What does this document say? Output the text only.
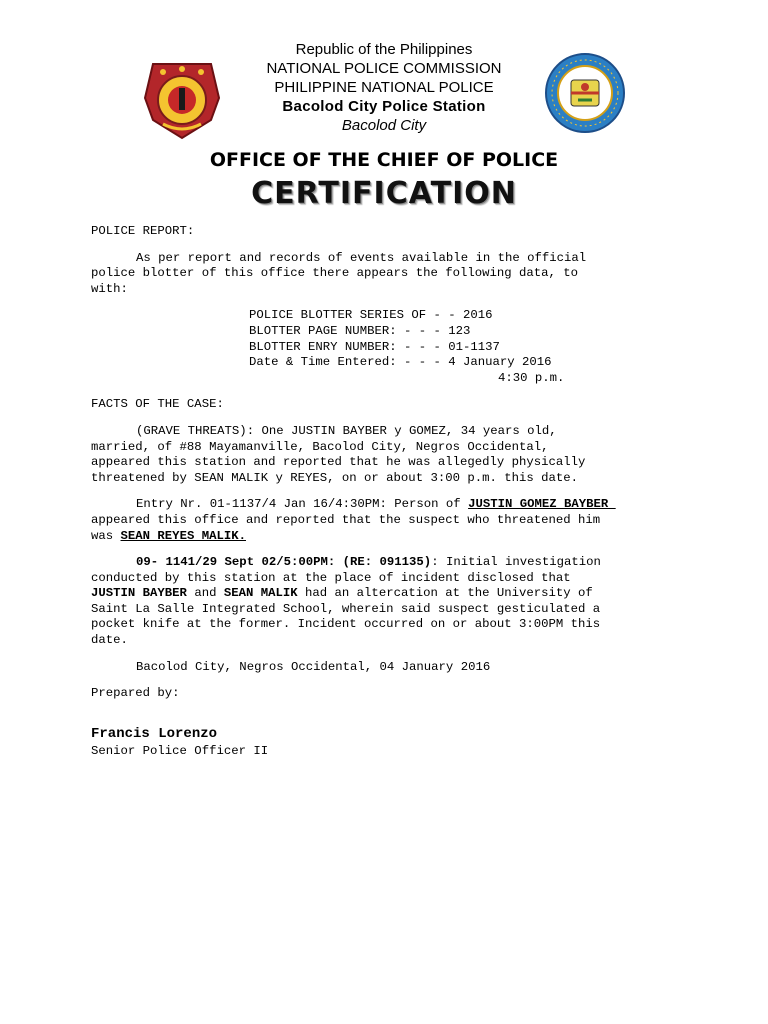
Republic of the Philippines
NATIONAL POLICE COMMISSION
PHILIPPINE NATIONAL POLICE
Bacolod City Police Station
Bacolod City
OFFICE OF THE CHIEF OF POLICE
CERTIFICATION
POLICE REPORT:
As per report and records of events available in the official
police blotter of this office there appears the following data, to
with:
POLICE BLOTTER SERIES OF - - 2016
BLOTTER PAGE NUMBER: - - - 123
BLOTTER ENRY NUMBER: - - - 01-1137
Date & Time Entered: - - - 4 January 2016
4:30 p.m.
FACTS OF THE CASE:
(GRAVE THREATS): One JUSTIN BAYBER y GOMEZ, 34 years old,
married, of #88 Mayamanville, Bacolod City, Negros Occidental,
appeared this station and reported that he was allegedly physically
threatened by SEAN MALIK y REYES, on or about 3:00 p.m. this date.
Entry Nr. 01-1137/4 Jan 16/4:30PM: Person of JUSTIN GOMEZ BAYBER
appeared this office and reported that the suspect who threatened him
was SEAN REYES MALIK.
09- 1141/29 Sept 02/5:00PM: (RE: 091135): Initial investigation
conducted by this station at the place of incident disclosed that
JUSTIN BAYBER and SEAN MALIK had an altercation at the University of
Saint La Salle Integrated School, wherein said suspect gesticulated a
pocket knife at the former. Incident occurred on or about 3:00PM this
date.
Bacolod City, Negros Occidental, 04 January 2016
Prepared by:
Francis Lorenzo
Senior Police Officer II
